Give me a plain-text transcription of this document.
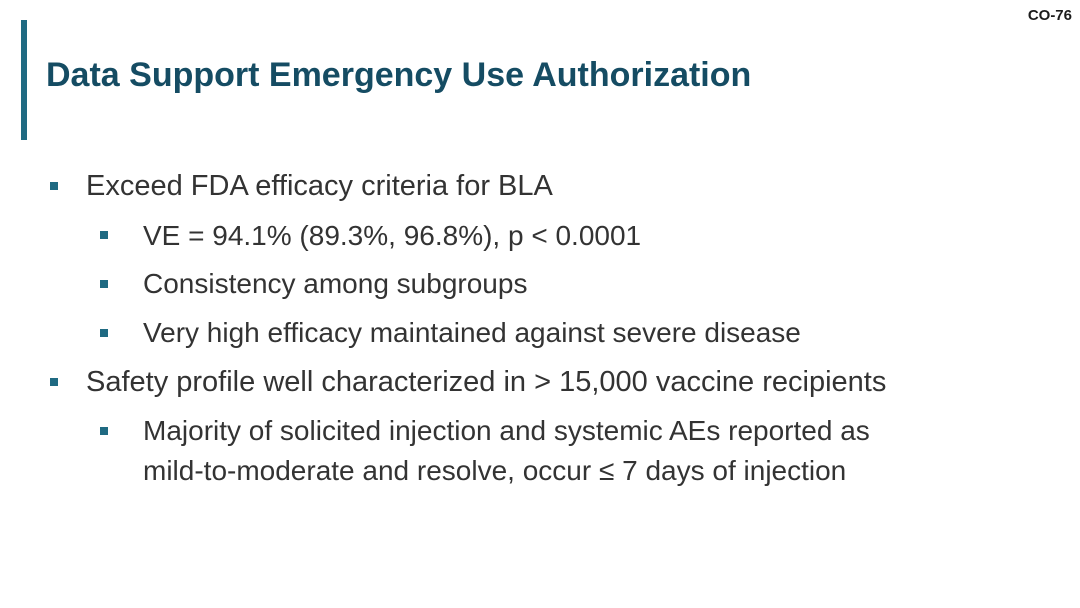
CO-76
Data Support Emergency Use Authorization
Exceed FDA efficacy criteria for BLA
VE = 94.1% (89.3%, 96.8%), p < 0.0001
Consistency among subgroups
Very high efficacy maintained against severe disease
Safety profile well characterized in > 15,000 vaccine recipients
Majority of solicited injection and systemic AEs reported as
mild-to-moderate and resolve, occur ≤ 7 days of injection
